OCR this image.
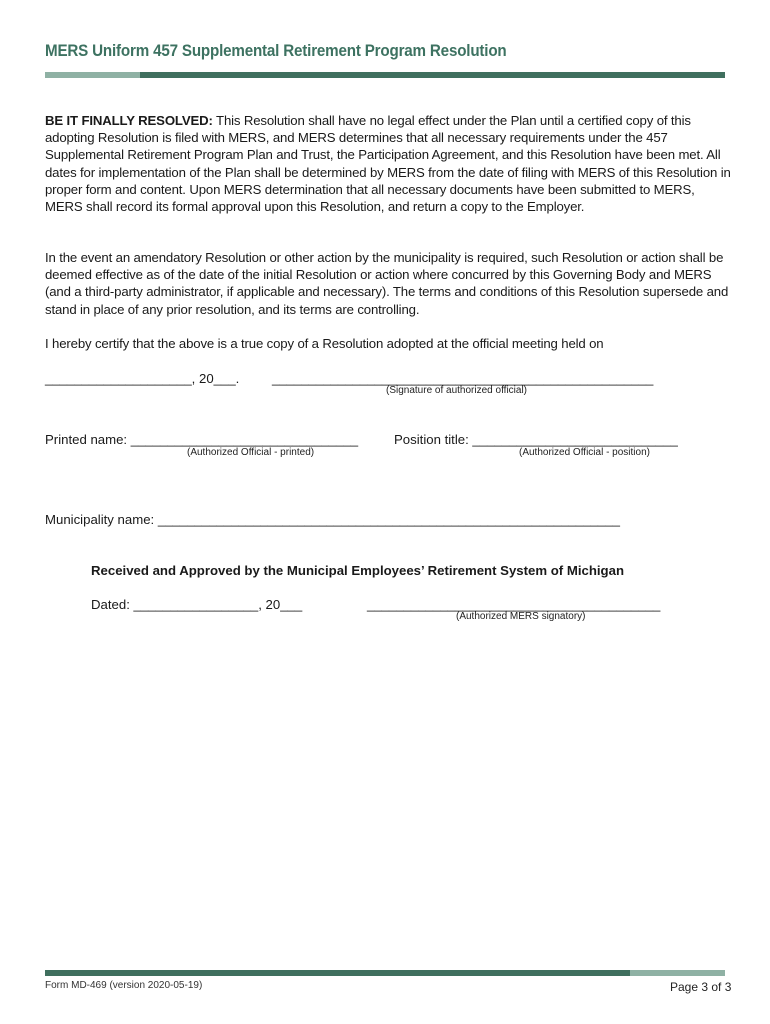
MERS Uniform 457 Supplemental Retirement Program Resolution
BE IT FINALLY RESOLVED: This Resolution shall have no legal effect under the Plan until a certified copy of this adopting Resolution is filed with MERS, and MERS determines that all necessary requirements under the 457 Supplemental Retirement Program Plan and Trust, the Participation Agreement, and this Resolution have been met. All dates for implementation of the Plan shall be determined by MERS from the date of filing with MERS of this Resolution in proper form and content. Upon MERS determination that all necessary documents have been submitted to MERS, MERS shall record its formal approval upon this Resolution, and return a copy to the Employer.
In the event an amendatory Resolution or other action by the municipality is required, such Resolution or action shall be deemed effective as of the date of the initial Resolution or action where concurred by this Governing Body and MERS (and a third-party administrator, if applicable and necessary). The terms and conditions of this Resolution supersede and stand in place of any prior resolution, and its terms are controlling.
I hereby certify that the above is a true copy of a Resolution adopted at the official meeting held on
____________________, 20___. ____________________________________________________
(Signature of authorized official)
Printed name: _______________________________
(Authorized Official - printed)
Position title: ____________________________
(Authorized Official - position)
Municipality name: _______________________________________________________________
Received and Approved by the Municipal Employees’ Retirement System of Michigan
Dated: _________________, 20___	________________________________________
(Authorized MERS signatory)
Form MD-469 (version 2020-05-19)	Page 3 of 3
